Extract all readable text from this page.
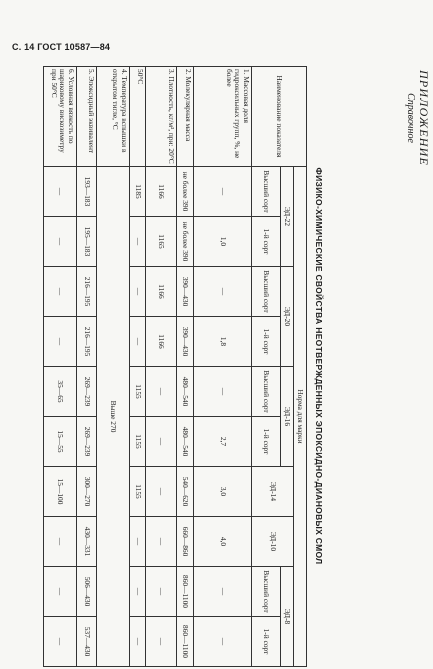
С. 14 ГОСТ 10587—84
ПРИЛОЖЕНИЕ
Справочное
ФИЗИКО-ХИМИЧЕСКИЕ СВОЙСТВА НЕОТВЕРЖДЕННЫХ ЭПОКСИДНО-ДИАНОВЫХ СМОЛ
Наименование показателя	Норма для марки									
	ЭД-22		ЭД-20		ЭД-16		ЭД-14	ЭД-10	ЭД-8	
	Высший сорт	1-й сорт	Высший сорт	1-й сорт	Высший сорт	1-й сорт			Высший сорт	1-й сорт
1. Массовая доля гидроксильных групп, %, не более	—	1,0	—	1,8	—	2,7	3,0	4,0	—	—
2. Молекулярная масса	не более 390	не более 390	390—430	390—430	480—540	480—540	540—620	660—860	860—1100	860—1100
3. Плотность, кг/м³, при: 20°С	1166	1165	1166	1166	—	—	—	—	—	—
50°С	1185	—	—	—	1155	1155	1155	—	—	—
4. Температура вспышки в открытом тигле, °С	Выше 270									
5. Эпоксидный эквивалент	193—183	195—183	216—195	216—195	269—239	269—239	300—270	430—331	506—430	537—430
6. Условная вязкость по шариковому вискозиметру при 50°С	—	—	—	—	35—65	15—55	15—100	—	—	—
